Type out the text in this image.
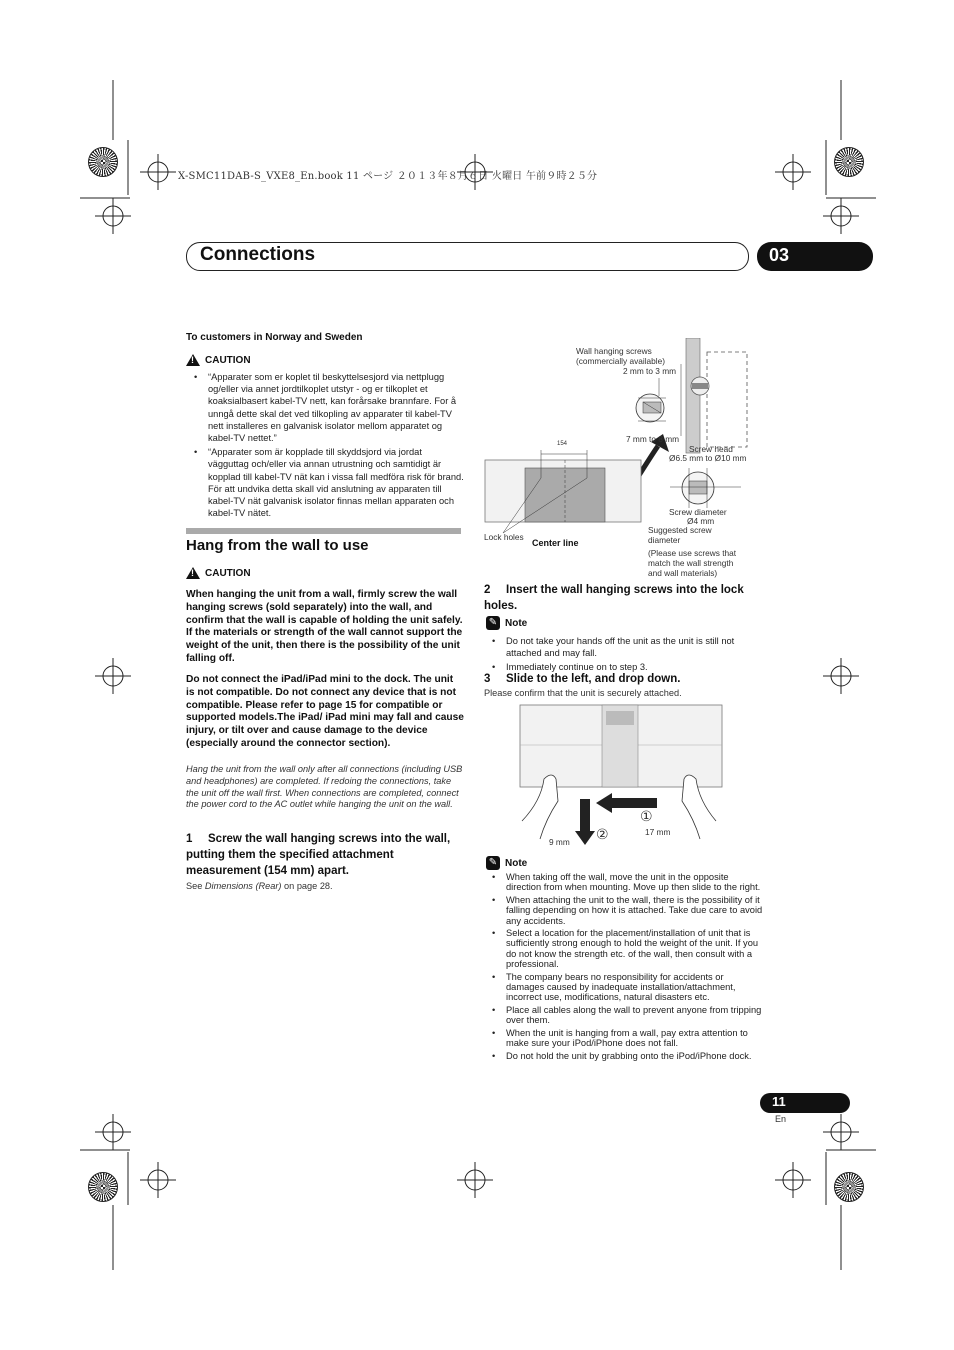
X-SMC11DAB-S_VXE8_En.book 11 ページ ２０１３年８月６日 火曜日 午前９時２５分
Connections	03
To customers in Norway and Sweden
!
CAUTION
• “Apparater som er koplet til beskyttelsesjord via nettplugg og/eller via annet jordtilkoplet utstyr - og er tilkoplet et koaksialbasert kabel-TV nett, kan forårsake brannfare. For å unngå dette skal det ved tilkopling av apparater til kabel-TV nett installeres en galvanisk isolator mellom apparatet og kabel-TV nettet.”
• “Apparater som är kopplade till skyddsjord via jordat vägguttag och/eller via annan utrustning och samtidigt är kopplad till kabel-TV nät kan i vissa fall medföra risk för brand. För att undvika detta skall vid anslutning av apparaten till kabel-TV nät galvanisk isolator finnas mellan apparaten och kabel-TV nätet.
Hang from the wall to use
!
CAUTION
When hanging the unit from a wall, firmly screw the wall hanging screws (sold separately) into the wall, and confirm that the wall is capable of holding the unit safely. If the materials or strength of the wall cannot support the weight of the unit, then there is the possibility of the unit falling off.
Do not connect the iPad/iPad mini to the dock. The unit is not compatible. Do not connect any device that is not compatible. Please refer to page 15 for compatible or supported models.The iPad/ iPad mini may fall and cause injury, or tilt over and cause damage to the device (especially around the connector section).
Hang the unit from the wall only after all connections (including USB and headphones) are completed. If redoing the connections, take the unit off the wall first. When connections are completed, connect the power cord to the AC outlet while hanging the unit on the wall.
1 Screw the wall hanging screws into the wall, putting them the specified attachment measurement (154 mm) apart.
See Dimensions (Rear) on page 28.
Wall hanging screws
(commercially available)
2 mm to 3 mm
7 mm to 8 mm
Screw head
Ø6.5 mm to Ø10 mm
154
Screw diameter
Ø4 mm
Suggested screw
diameter
(Please use screws that
match the wall strength
and wall materials)
Lock holes
Center line
2 Insert the wall hanging screws into the lock holes.
✎ Note
• Do not take your hands off the unit as the unit is still not attached and may fall.
• Immediately continue on to step 3.
3 Slide to the left, and drop down.
Please confirm that the unit is securely attached.
①
②	17 mm
9 mm
✎ Note
• When taking off the wall, move the unit in the opposite direction from when mounting. Move up then slide to the right.
• When attaching the unit to the wall, there is the possibility of it falling depending on how it is attached. Take due care to avoid any accidents.
• Select a location for the placement/installation of unit that is sufficiently strong enough to hold the weight of the unit. If you do not know the strength etc. of the wall, then consult with a professional.
• The company bears no responsibility for accidents or damages caused by inadequate installation/attachment, incorrect use, modifications, natural disasters etc.
• Place all cables along the wall to prevent anyone from tripping over them.
• When the unit is hanging from a wall, pay extra attention to make sure your iPod/iPhone does not fall.
• Do not hold the unit by grabbing onto the iPod/iPhone dock.
11
En
